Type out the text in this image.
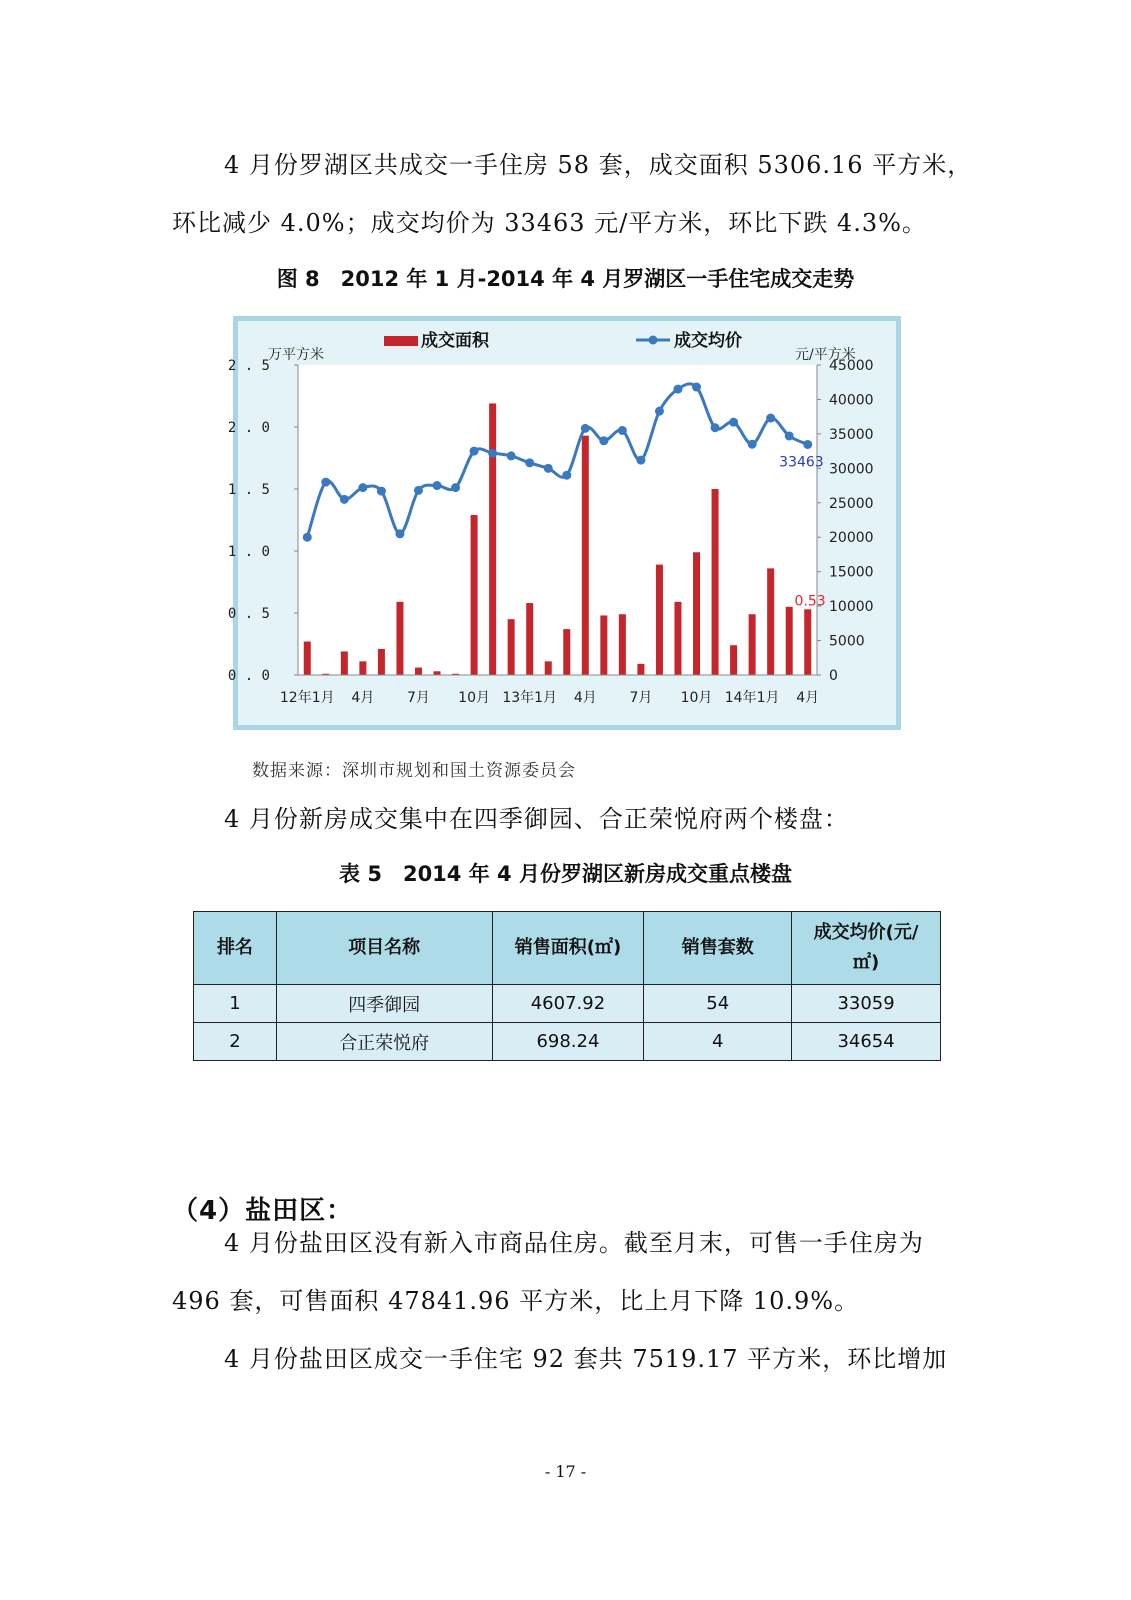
4 月份罗湖区共成交一手住房 58 套，成交面积 5306.16 平方米，
环比减少 4.0%；成交均价为 33463 元/平方米，环比下跌 4.3%。
图 8　2012 年 1 月-2014 年 4 月罗湖区一手住宅成交走势
0 . 0
0 . 5
1 . 0
1 . 5
2 . 0
2 . 5
0
5000
10000
15000
20000
25000
30000
35000
40000
45000
12年1月 4月 7月 10月 13年1月 4月 7月 10月 14年1月 4月
成交面积	成交均价
万平方米	元/平方米
0.53
33463
数据来源：深圳市规划和国土资源委员会
4 月份新房成交集中在四季御园、合正荣悦府两个楼盘：
表 5　2014 年 4 月份罗湖区新房成交重点楼盘
排名	项目名称	销售面积(㎡)	销售套数	成交均价(元/
㎡)
1	四季御园	4607.92	54	33059
2	合正荣悦府	698.24	4	34654
（4）盐田区：
4 月份盐田区没有新入市商品住房。截至月末，可售一手住房为
496 套，可售面积 47841.96 平方米，比上月下降 10.9%。
4 月份盐田区成交一手住宅 92 套共 7519.17 平方米，环比增加
- 17 -
